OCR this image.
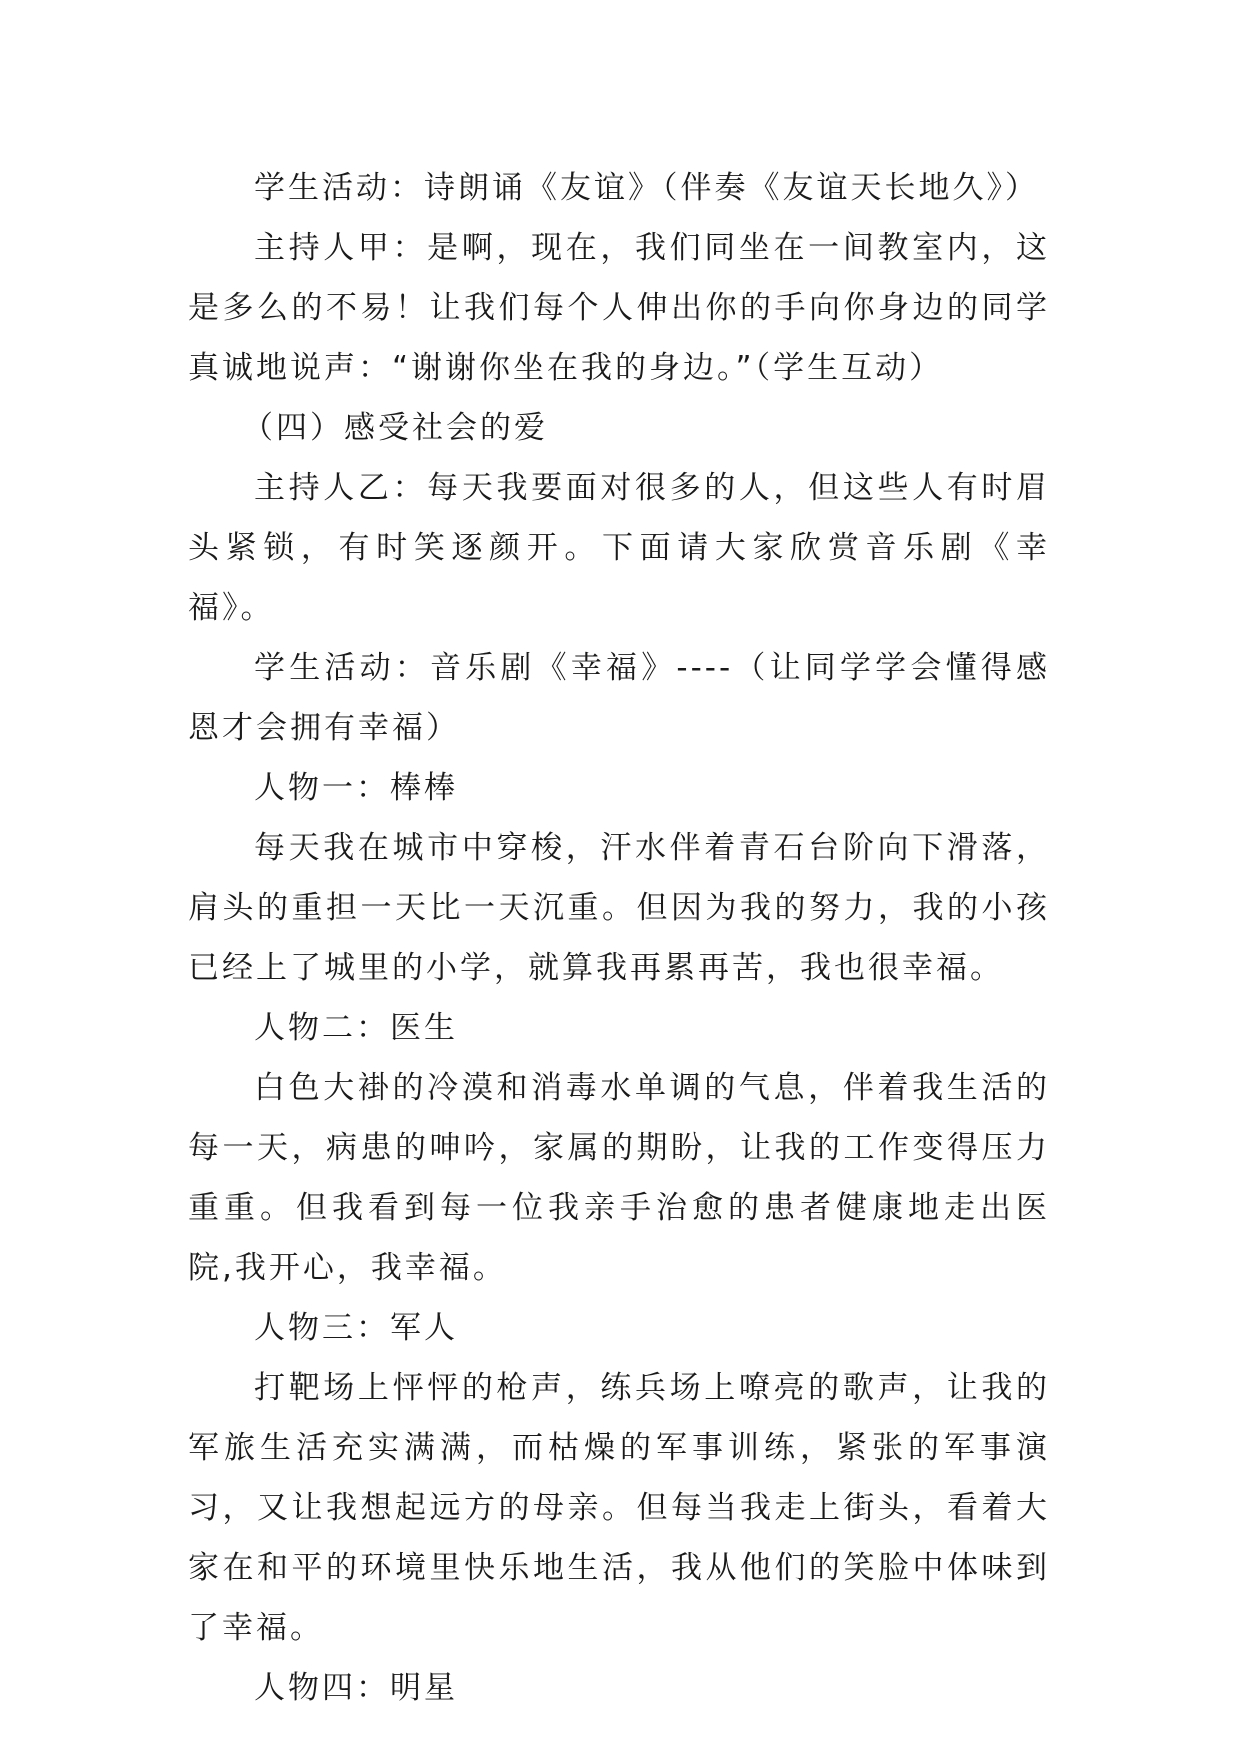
学生活动：诗朗诵《友谊》（伴奏《友谊天长地久》）

主持人甲：是啊，现在，我们同坐在一间教室内，这是多么的不易！让我们每个人伸出你的手向你身边的同学真诚地说声：“谢谢你坐在我的身边。”（学生互动）

（四）感受社会的爱

主持人乙：每天我要面对很多的人，但这些人有时眉头紧锁，有时笑逐颜开。下面请大家欣赏音乐剧《幸福》。

学生活动：音乐剧《幸福》----（让同学学会懂得感恩才会拥有幸福）

人物一：棒棒

每天我在城市中穿梭，汗水伴着青石台阶向下滑落，肩头的重担一天比一天沉重。但因为我的努力，我的小孩已经上了城里的小学，就算我再累再苦，我也很幸福。

人物二：医生

白色大褂的冷漠和消毒水单调的气息，伴着我生活的每一天，病患的呻吟，家属的期盼，让我的工作变得压力重重。但我看到每一位我亲手治愈的患者健康地走出医院,我开心，我幸福。

人物三：军人

打靶场上怦怦的枪声，练兵场上嘹亮的歌声，让我的军旅生活充实满满，而枯燥的军事训练，紧张的军事演习，又让我想起远方的母亲。但每当我走上街头，看着大家在和平的环境里快乐地生活，我从他们的笑脸中体味到了幸福。

人物四：明星
